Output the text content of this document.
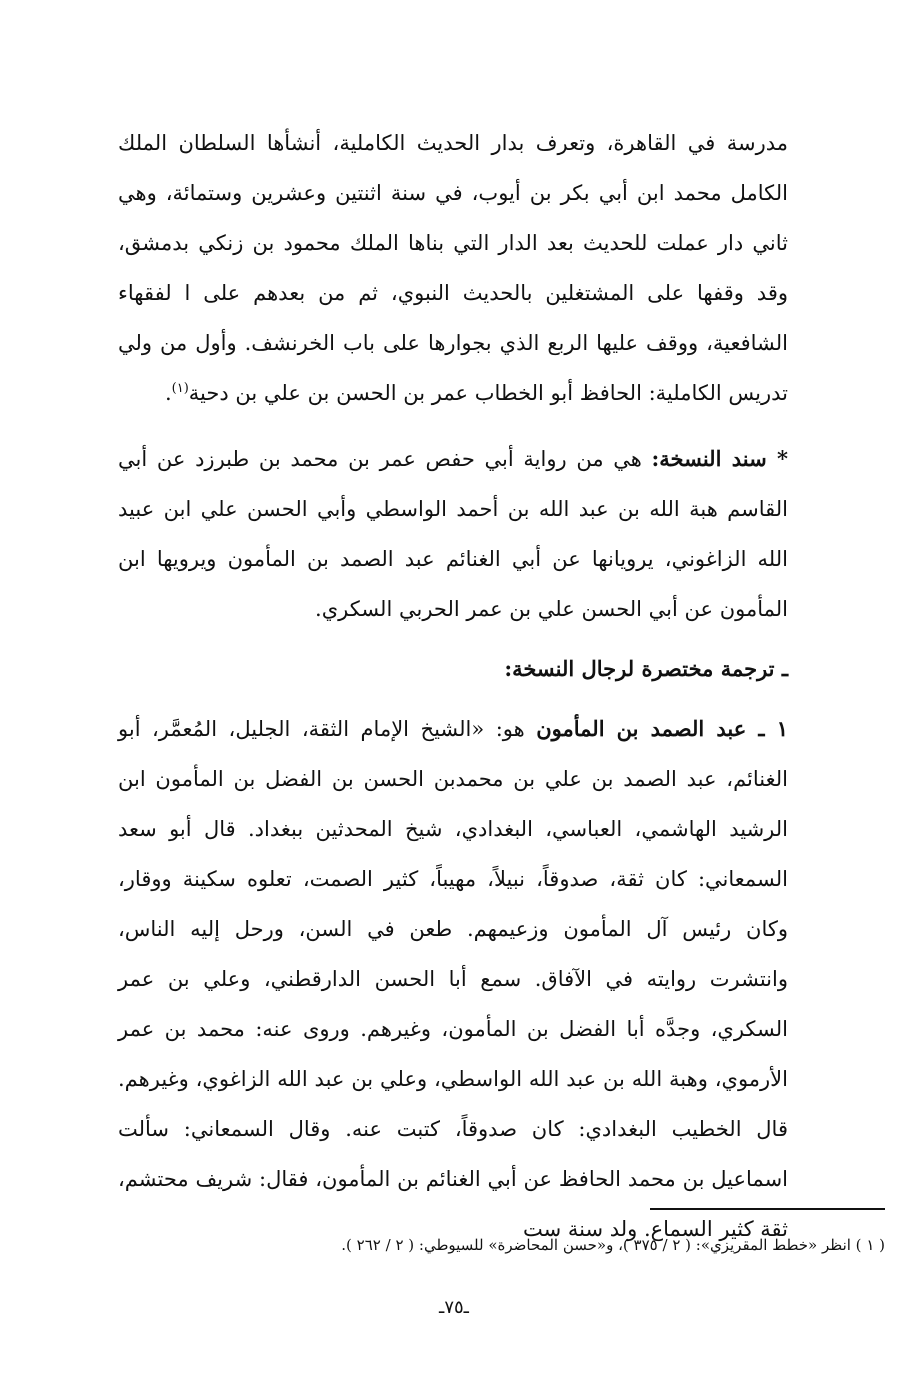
مدرسة في القاهرة، وتعرف بدار الحديث الكاملية، أنشأها السلطان الملك الكامل محمد ابن أبي بكر بن أيوب، في سنة اثنتين وعشرين وستمائة، وهي ثاني دار عملت للحديث بعد الدار التي بناها الملك محمود بن زنكي بدمشق، وقد وقفها على المشتغلين بالحديث النبوي، ثم من بعدهم على ا لفقهاء الشافعية، ووقف عليها الربع الذي بجوارها على باب الخرنشف. وأول من ولي تدريس الكاملية: الحافظ أبو الخطاب عمر بن الحسن بن علي بن دحية$^{(١)}$.

* سند النسخة: هي من رواية أبي حفص عمر بن محمد بن طبرزد عن أبي القاسم هبة الله بن عبد الله بن أحمد الواسطي وأبي الحسن علي ابن عبيد الله الزاغوني، يرويانها عن أبي الغنائم عبد الصمد بن المأمون ويرويها ابن المأمون عن أبي الحسن علي بن عمر الحربي السكري.

ـ ترجمة مختصرة لرجال النسخة:

١ ـ عبد الصمد بن المأمون هو: «الشيخ الإمام الثقة، الجليل، المُعمَّر، أبو الغنائم، عبد الصمد بن علي بن محمدبن الحسن بن الفضل بن المأمون ابن الرشيد الهاشمي، العباسي، البغدادي، شيخ المحدثين ببغداد. قال أبو سعد السمعاني: كان ثقة، صدوقاً، نبيلاً، مهيباً، كثير الصمت، تعلوه سكينة ووقار، وكان رئيس آل المأمون وزعيمهم. طعن في السن، ورحل إليه الناس، وانتشرت روايته في الآفاق. سمع أبا الحسن الدارقطني، وعلي بن عمر السكري، وجدَّه أبا الفضل بن المأمون، وغيرهم. وروى عنه: محمد بن عمر الأرموي، وهبة الله بن عبد الله الواسطي، وعلي بن عبد الله الزاغوي، وغيرهم. قال الخطيب البغدادي: كان صدوقاً، كتبت عنه. وقال السمعاني: سألت اسماعيل بن محمد الحافظ عن أبي الغنائم بن المأمون، فقال: شريف محتشم، ثقة كثير السماع. ولد سنة ست

( ١ ) انظر «خطط المقريزي»: ( ٢ / ٣٧٥ )، و«حسن المحاضرة» للسيوطي: ( ٢ / ٢٦٢ ).
ـ٧٥ـ
